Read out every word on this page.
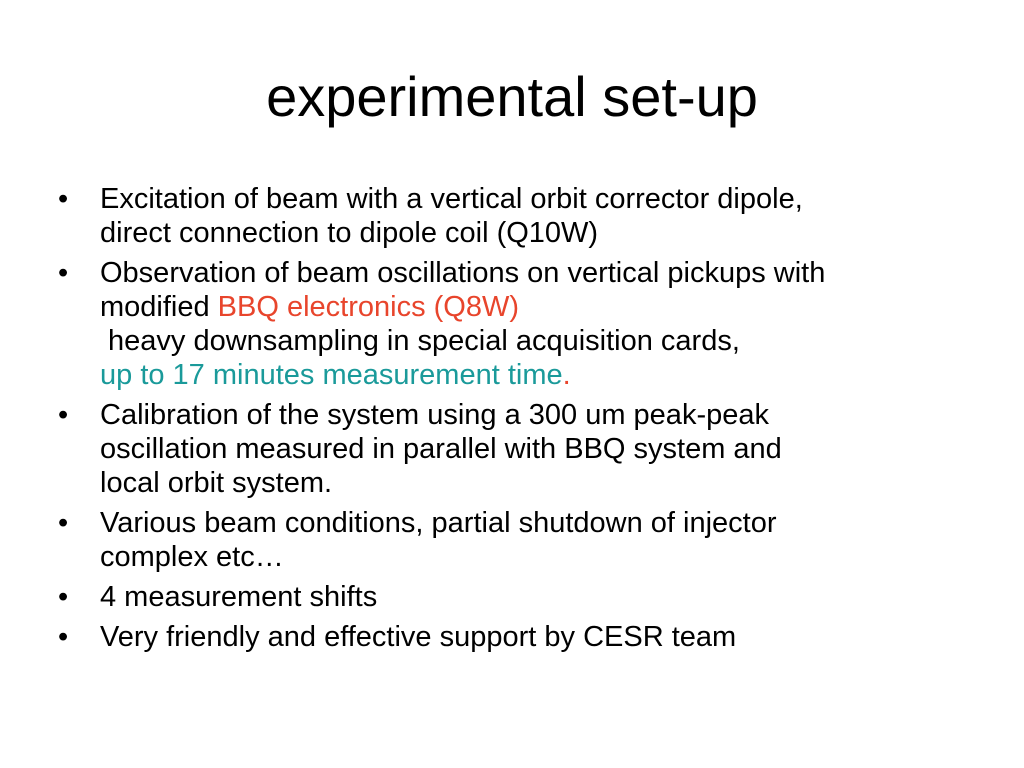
experimental set-up
•	Excitation of beam with a vertical orbit corrector dipole,
direct connection to dipole coil (Q10W)
•	Observation of beam oscillations on vertical pickups with
modified BBQ electronics (Q8W)
heavy downsampling in special acquisition cards,
up to 17 minutes measurement time.
•	Calibration of the system using a 300 um peak-peak
oscillation measured in parallel with BBQ system and
local orbit system.
•	Various beam conditions, partial shutdown of injector
complex etc…
•	4 measurement shifts
•	Very friendly and effective support by CESR team
